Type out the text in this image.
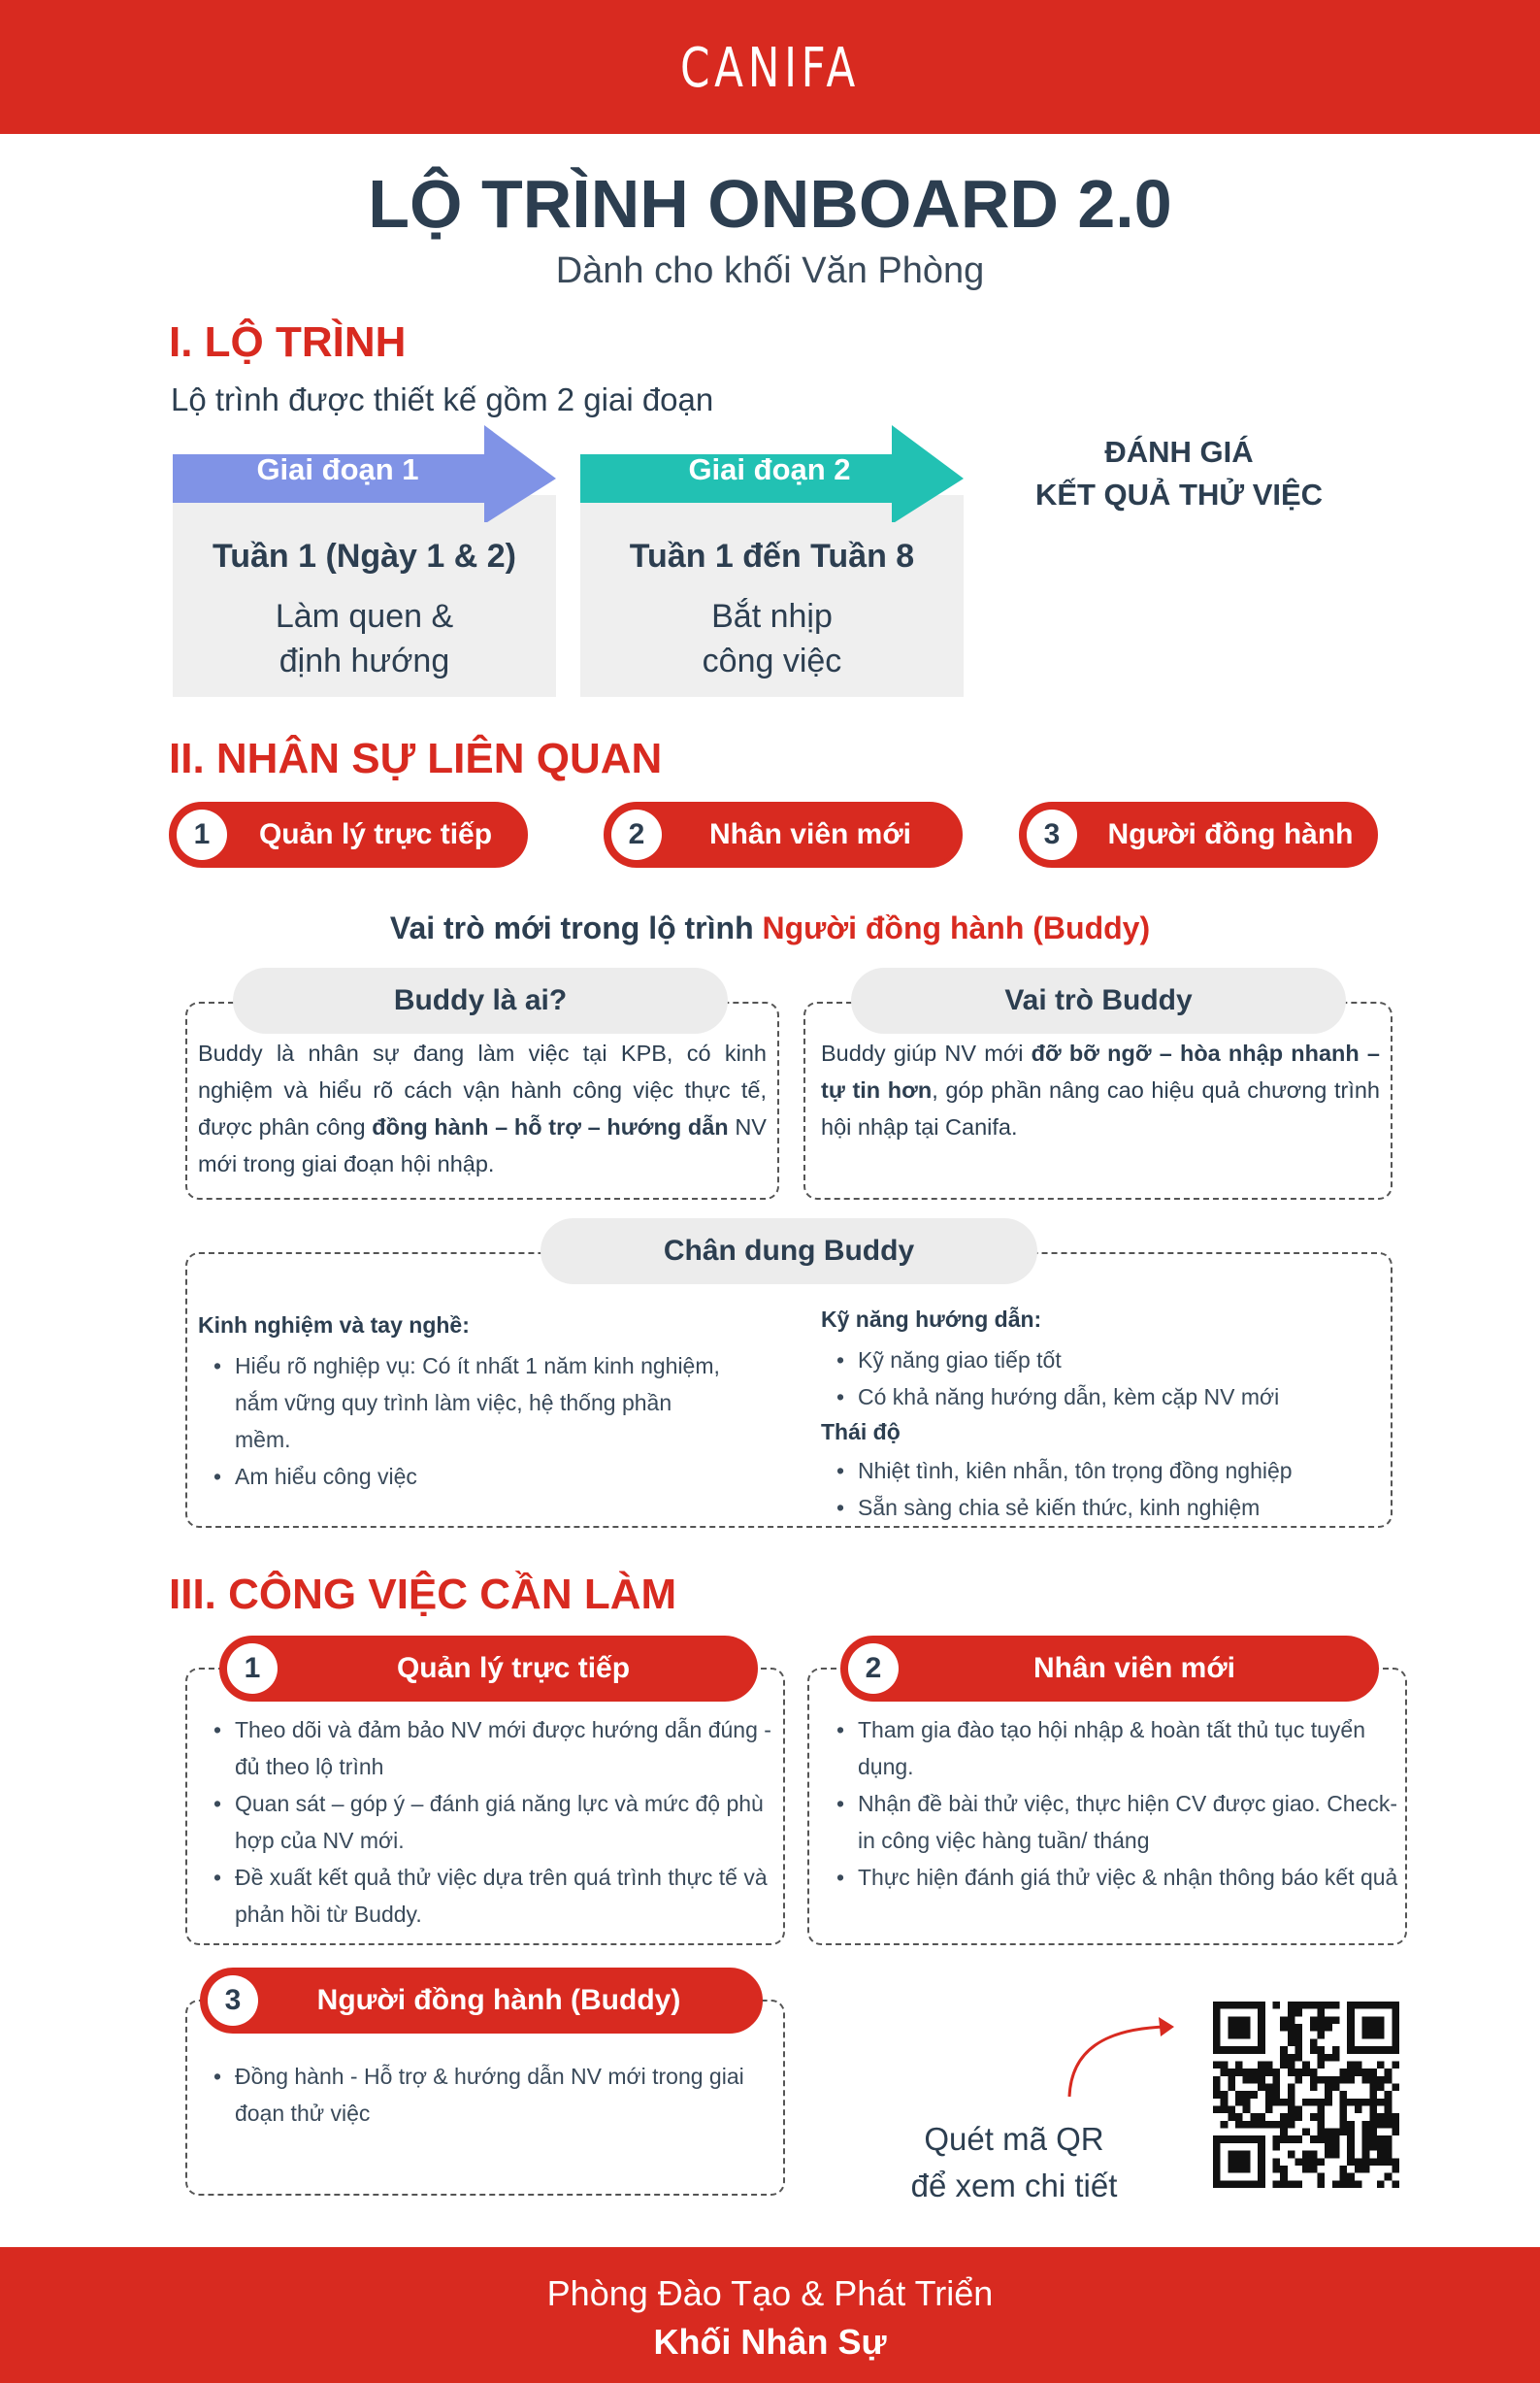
CANIFA
LỘ TRÌNH ONBOARD 2.0
Dành cho khối Văn Phòng
I. LỘ TRÌNH
Lộ trình được thiết kế gồm 2 giai đoạn
Giai đoạn 1
Tuần 1 (Ngày 1 & 2)
Làm quen &
định hướng
Giai đoạn 2
Tuần 1 đến Tuần 8
Bắt nhịp
công việc
ĐÁNH GIÁ
KẾT QUẢ THỬ VIỆC
II. NHÂN SỰ LIÊN QUAN
1	Quản lý trực tiếp	2	Nhân viên mới	3	Người đồng hành
Vai trò mới trong lộ trình Người đồng hành (Buddy)
Buddy là ai?
Buddy là nhân sự đang làm việc tại KPB, có kinh nghiệm và hiểu rõ cách vận hành công việc thực tế, được phân công đồng hành – hỗ trợ – hướng dẫn NV mới trong giai đoạn hội nhập.
Vai trò Buddy
Buddy giúp NV mới đỡ bỡ ngỡ – hòa nhập nhanh – tự tin hơn, góp phần nâng cao hiệu quả chương trình hội nhập tại Canifa.
Chân dung Buddy
Kinh nghiệm và tay nghề:
• Hiểu rõ nghiệp vụ: Có ít nhất 1 năm kinh nghiệm, nắm vững quy trình làm việc, hệ thống phần mềm.
• Am hiểu công việc
Kỹ năng hướng dẫn:
• Kỹ năng giao tiếp tốt
• Có khả năng hướng dẫn, kèm cặp NV mới
Thái độ
• Nhiệt tình, kiên nhẫn, tôn trọng đồng nghiệp
• Sẵn sàng chia sẻ kiến thức, kinh nghiệm
III. CÔNG VIỆC CẦN LÀM
1	Quản lý trực tiếp
• Theo dõi và đảm bảo NV mới được hướng dẫn đúng - đủ theo lộ trình
• Quan sát – góp ý – đánh giá năng lực và mức độ phù hợp của NV mới.
• Đề xuất kết quả thử việc dựa trên quá trình thực tế và phản hồi từ Buddy.
2	Nhân viên mới
• Tham gia đào tạo hội nhập & hoàn tất thủ tục tuyển dụng.
• Nhận đề bài thử việc, thực hiện CV được giao. Check-in công việc hàng tuần/ tháng
• Thực hiện đánh giá thử việc & nhận thông báo kết quả
3	Người đồng hành (Buddy)
• Đồng hành - Hỗ trợ & hướng dẫn NV mới trong giai đoạn thử việc
Quét mã QR
để xem chi tiết
Phòng Đào Tạo & Phát Triển
Khối Nhân Sự
